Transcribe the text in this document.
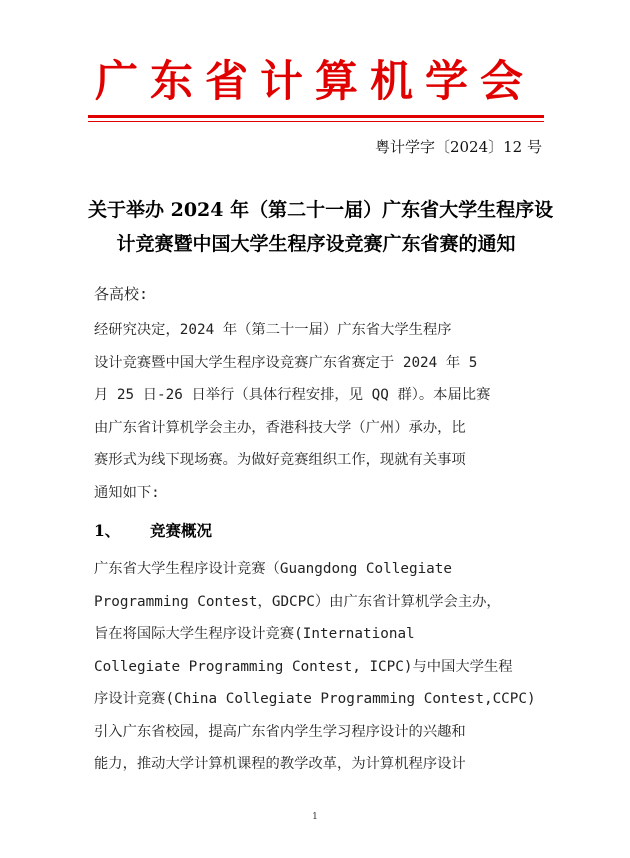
广东省计算机学会
粤计学字〔2024〕12 号
关于举办 2024 年（第二十一届）广东省大学生程序设
计竞赛暨中国大学生程序设竞赛广东省赛的通知
各高校:
经研究决定，2024 年（第二十一届）广东省大学生程序
设计竞赛暨中国大学生程序设竞赛广东省赛定于 2024 年 5
月 25 日-26 日举行（具体行程安排，见 QQ 群）。本届比赛
由广东省计算机学会主办，香港科技大学（广州）承办，比
赛形式为线下现场赛。为做好竞赛组织工作，现就有关事项
通知如下:
1、 竞赛概况
广东省大学生程序设计竞赛（Guangdong Collegiate
Programming Contest，GDCPC）由广东省计算机学会主办，
旨在将国际大学生程序设计竞赛(International
Collegiate Programming Contest, ICPC)与中国大学生程
序设计竞赛(China Collegiate Programming Contest,CCPC)
引入广东省校园，提高广东省内学生学习程序设计的兴趣和
能力，推动大学计算机课程的教学改革，为计算机程序设计
1
